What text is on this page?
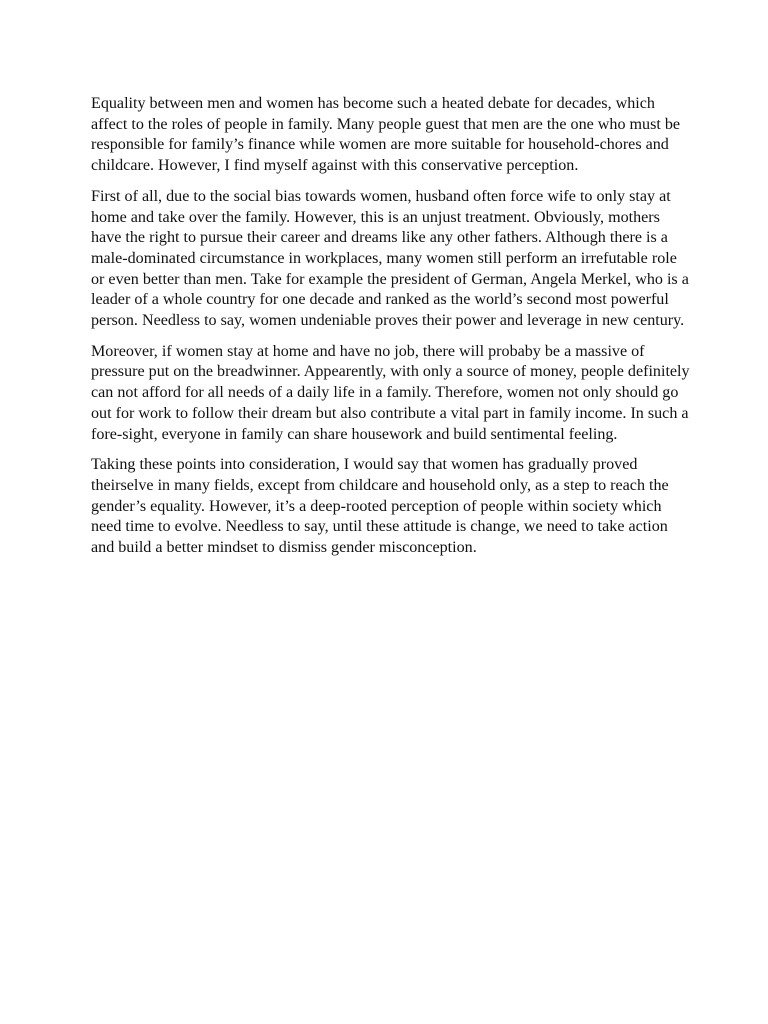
Equality between men and women has become such a heated debate for decades, which affect to the roles of people in family. Many people guest that men are the one who must be responsible for family’s finance while women are more suitable for household-chores and childcare. However, I find myself against with this conservative perception.

First of all, due to the social bias towards women, husband often force wife to only stay at home and take over the family. However, this is an unjust treatment. Obviously, mothers have the right to pursue their career and dreams like any other fathers. Although there is a male-dominated circumstance in workplaces, many women still perform an irrefutable role or even better than men. Take for example the president of German, Angela Merkel, who is a leader of a whole country for one decade and ranked as the world’s second most powerful person. Needless to say, women undeniable proves their power and leverage in new century.

Moreover, if women stay at home and have no job, there will probaby be a massive of pressure put on the breadwinner. Appearently, with only a source of money, people definitely can not afford for all needs of a daily life in a family. Therefore, women not only should go out for work to follow their dream but also contribute a vital part in family income. In such a fore-sight, everyone in family can share housework and build sentimental feeling.

Taking these points into consideration, I would say that women has gradually proved theirselve in many fields, except from childcare and household only, as a step to reach the gender’s equality. However, it’s a deep-rooted perception of people within society which need time to evolve. Needless to say, until these attitude is change, we need to take action and build a better mindset to dismiss gender misconception.
